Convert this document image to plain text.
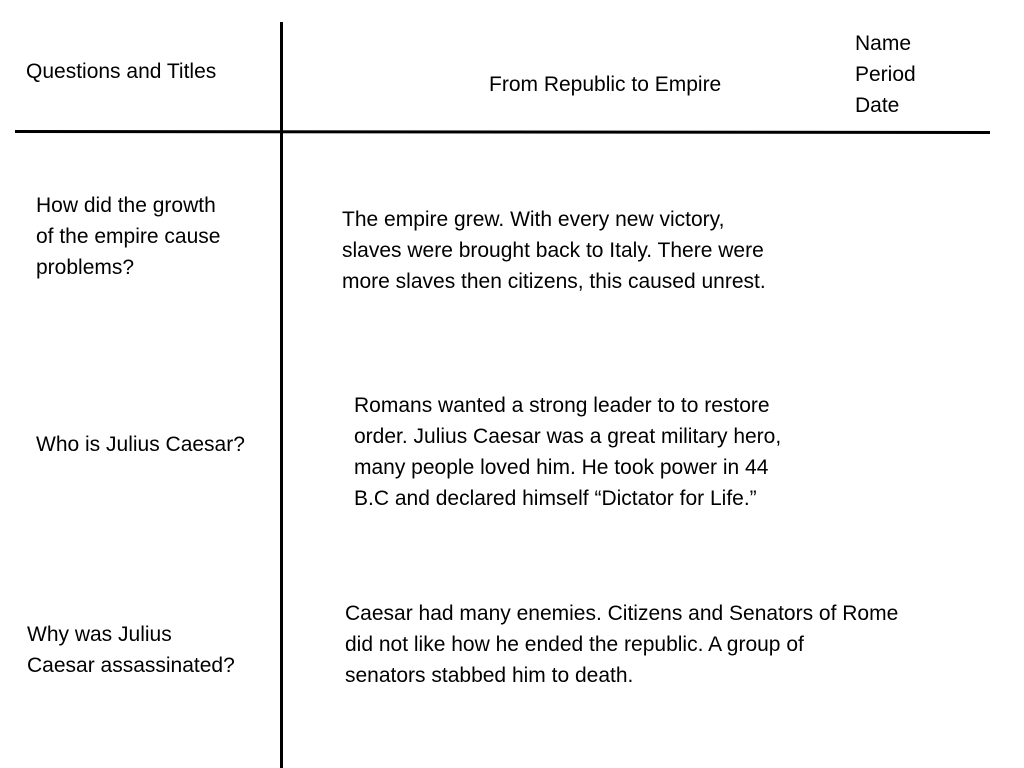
Questions and Titles
From Republic to Empire
Name
Period
Date
How did the growth
of the empire cause
problems?
The empire grew. With every new victory,
slaves were brought back to Italy. There were
more slaves then citizens, this caused unrest.
Who is Julius Caesar?
Romans wanted a strong leader to to restore
order. Julius Caesar was a great military hero,
many people loved him. He took power in 44
B.C and declared himself “Dictator for Life.”
Why was Julius
Caesar assassinated?
Caesar had many enemies. Citizens and Senators of Rome
did not like how he ended the republic. A group of
senators stabbed him to death.
